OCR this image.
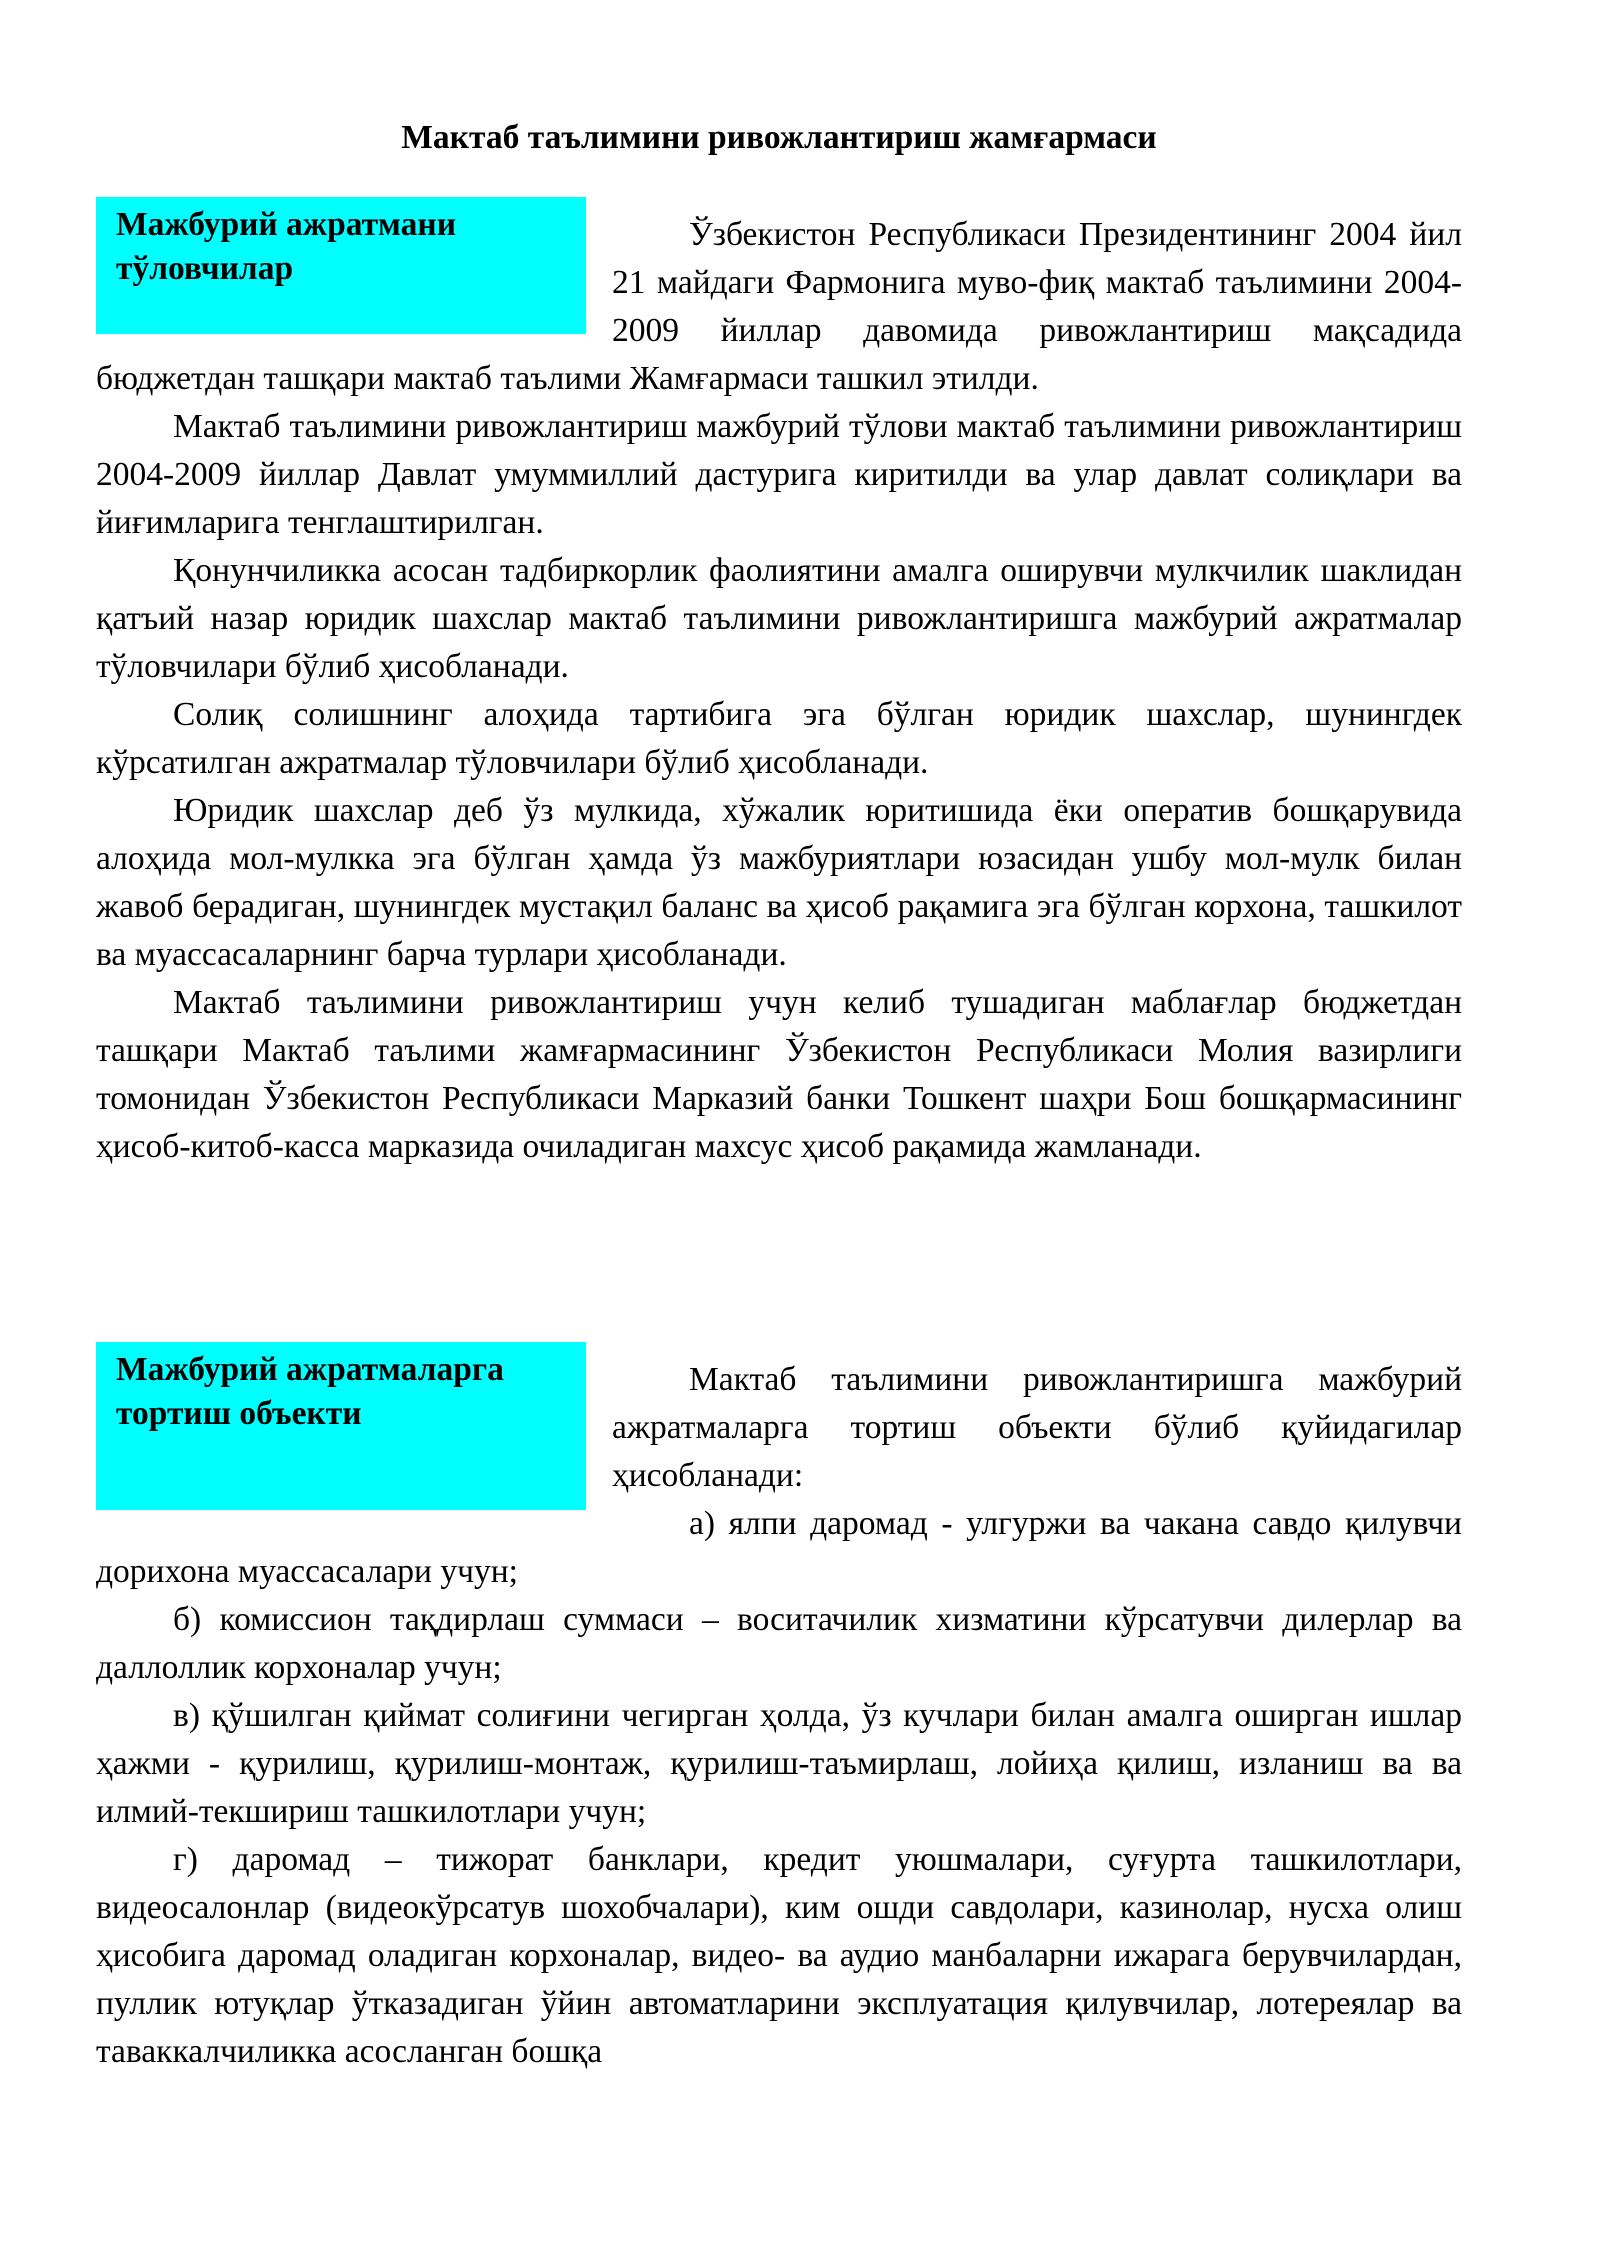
Мактаб таълимини ривожлантириш жамғармаси
Мажбурий ажратмани тўловчилар

Ўзбекистон Республикаси Президентининг 2004 йил 21 майдаги Фармонига муво-фиқ мактаб таълимини 2004-2009 йиллар давомида ривожлантириш мақсадида бюджетдан ташқари мактаб таълими Жамғармаси ташкил этилди.

Мактаб таълимини ривожлантириш мажбурий тўлови мактаб таълимини ривожлантириш 2004-2009 йиллар Давлат умуммиллий дастурига киритилди ва улар давлат солиқлари ва йиғимларига тенглаштирилган.

Қонунчиликка асосан тадбиркорлик фаолиятини амалга оширувчи мулкчилик шаклидан қатъий назар юридик шахслар мактаб таълимини ривожлантиришга мажбурий ажратмалар тўловчилари бўлиб ҳисобланади.

Солиқ солишнинг алоҳида тартибига эга бўлган юридик шахслар, шунингдек кўрсатилган ажратмалар тўловчилари бўлиб ҳисобланади.

Юридик шахслар деб ўз мулкида, хўжалик юритишида ёки оператив бошқарувида алоҳида мол-мулкка эга бўлган ҳамда ўз мажбуриятлари юзасидан ушбу мол-мулк билан жавоб берадиган, шунингдек мустақил баланс ва ҳисоб рақамига эга бўлган корхона, ташкилот ва муассасаларнинг барча турлари ҳисобланади.

Мактаб таълимини ривожлантириш учун келиб тушадиган маблағлар бюджетдан ташқари Мактаб таълими жамғармасининг Ўзбекистон Республикаси Молия вазирлиги томонидан Ўзбекистон Республикаси Марказий банки Тошкент шаҳри Бош бошқармасининг ҳисоб-китоб-касса марказида очиладиган махсус ҳисоб рақамида жамланади.

Мажбурий ажратмаларга тортиш объекти

Мактаб таълимини ривожлантиришга мажбурий ажратмаларга тортиш объекти бўлиб қуйидагилар ҳисобланади:

а) ялпи даромад - улгуржи ва чакана савдо қилувчи дорихона муассасалари учун;

б) комиссион тақдирлаш суммаси – воситачилик хизматини кўрсатувчи дилерлар ва даллоллик корхоналар учун;

в) қўшилган қиймат солиғини чегирган ҳолда, ўз кучлари билан амалга оширган ишлар ҳажми - қурилиш, қурилиш-монтаж, қурилиш-таъмирлаш, лойиҳа қилиш, изланиш ва ва илмий-текшириш ташкилотлари учун;

г) даромад – тижорат банклари, кредит уюшмалари, суғурта ташкилотлари, видеосалонлар (видеокўрсатув шохобчалари), ким ошди савдолари, казинолар, нусха олиш ҳисобига даромад оладиган корхоналар, видео- ва аудио манбаларни ижарага берувчилардан, пуллик ютуқлар ўтказадиган ўйин автоматларини эксплуатация қилувчилар, лотереялар ва таваккалчиликка асосланган бошқа
